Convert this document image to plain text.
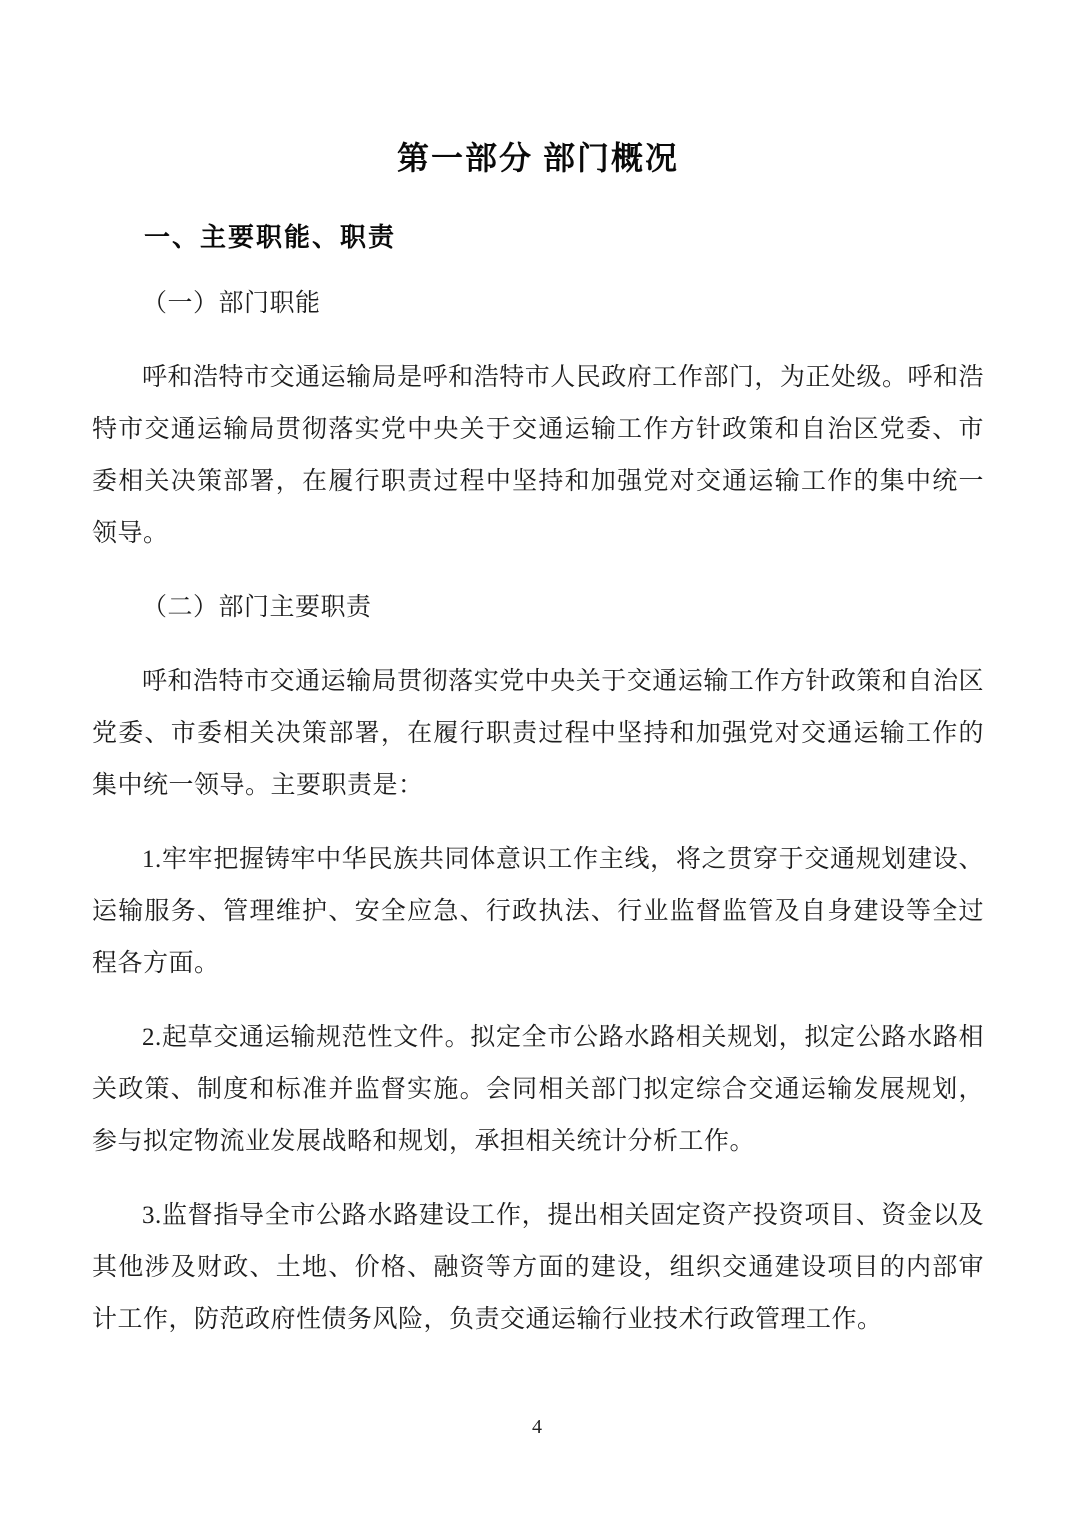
第一部分 部门概况
一、主要职能、职责

（一）部门职能

呼和浩特市交通运输局是呼和浩特市人民政府工作部门，为正处级。呼和浩特市交通运输局贯彻落实党中央关于交通运输工作方针政策和自治区党委、市委相关决策部署，在履行职责过程中坚持和加强党对交通运输工作的集中统一领导。

（二）部门主要职责

呼和浩特市交通运输局贯彻落实党中央关于交通运输工作方针政策和自治区党委、市委相关决策部署，在履行职责过程中坚持和加强党对交通运输工作的集中统一领导。主要职责是：

1.牢牢把握铸牢中华民族共同体意识工作主线，将之贯穿于交通规划建设、运输服务、管理维护、安全应急、行政执法、行业监督监管及自身建设等全过程各方面。

2.起草交通运输规范性文件。拟定全市公路水路相关规划，拟定公路水路相关政策、制度和标准并监督实施。会同相关部门拟定综合交通运输发展规划，参与拟定物流业发展战略和规划，承担相关统计分析工作。

3.监督指导全市公路水路建设工作，提出相关固定资产投资项目、资金以及其他涉及财政、土地、价格、融资等方面的建设，组织交通建设项目的内部审计工作，防范政府性债务风险，负责交通运输行业技术行政管理工作。

4
